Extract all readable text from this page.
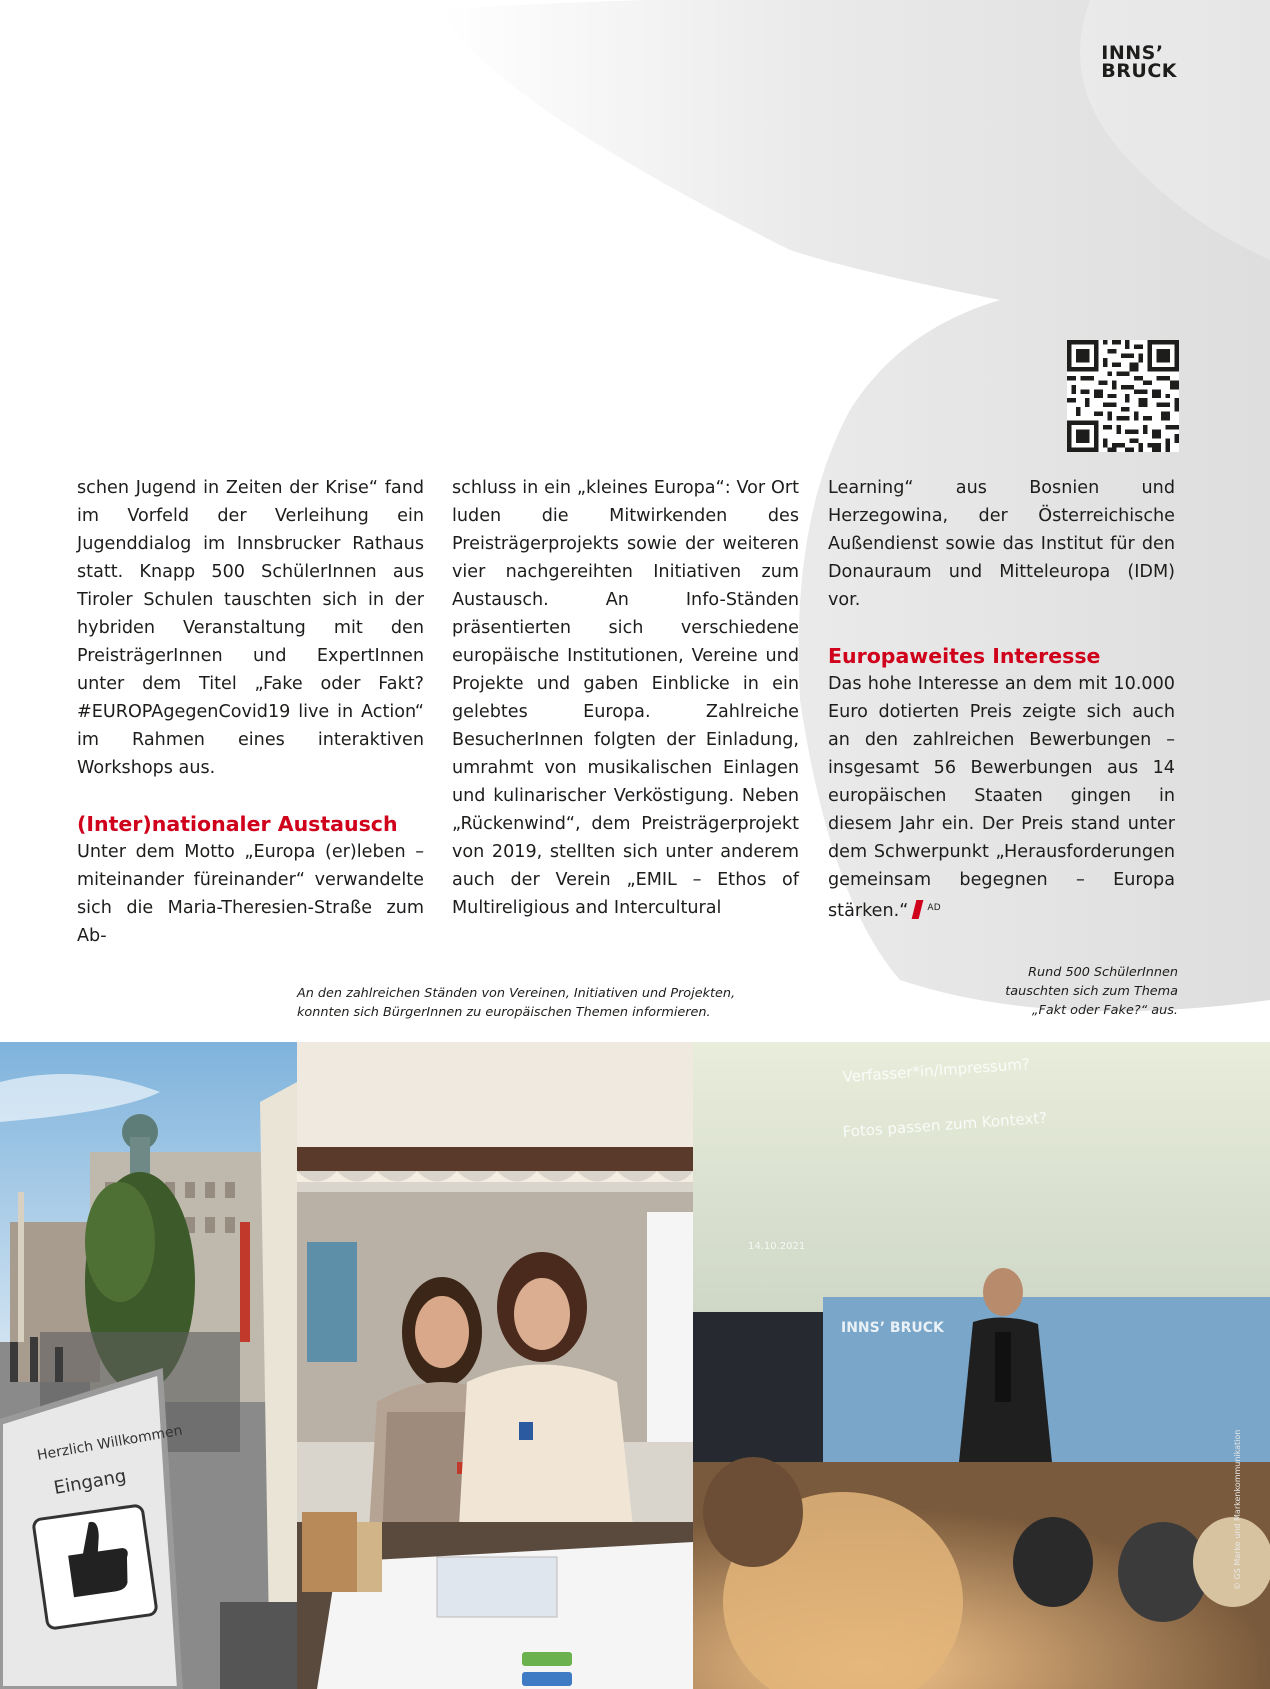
INNS’
BRUCK

schen Jugend in Zeiten der Krise“ fand im Vorfeld der Verleihung ein Jugenddialog im Innsbrucker Rathaus statt. Knapp 500 SchülerInnen aus Tiroler Schulen tauschten sich in der hybriden Veranstaltung mit den PreisträgerInnen und ExpertInnen unter dem Titel „Fake oder Fakt? #EUROPAgegenCovid19 live in Action“ im Rahmen eines interaktiven Workshops aus.

(Inter)nationaler Austausch

Unter dem Motto „Europa (er)leben – miteinander füreinander“ verwandelte sich die Maria-Theresien-Straße zum Ab-

schluss in ein „kleines Europa“: Vor Ort luden die Mitwirkenden des Preisträgerprojekts sowie der weiteren vier nachgereihten Initiativen zum Austausch. An Info-Ständen präsentierten sich verschiedene europäische Institutionen, Vereine und Projekte und gaben Einblicke in ein gelebtes Europa. Zahlreiche BesucherInnen folgten der Einladung, umrahmt von musikalischen Einlagen und kulinarischer Verköstigung. Neben „Rückenwind“, dem Preisträgerprojekt von 2019, stellten sich unter anderem auch der Verein „EMIL – Ethos of Multireligious and Intercultural

Learning“ aus Bosnien und Herzegowina, der Österreichische Außendienst sowie das Institut für den Donauraum und Mitteleuropa (IDM) vor.

Europaweites Interesse

Das hohe Interesse an dem mit 10.000 Euro dotierten Preis zeigte sich auch an den zahlreichen Bewerbungen – insgesamt 56 Bewerbungen aus 14 europäischen Staaten gingen in diesem Jahr ein. Der Preis stand unter dem Schwerpunkt „Herausforderungen gemeinsam begegnen – Europa stärken.“ $^{AD}$

An den zahlreichen Ständen von Vereinen, Initiativen und Projekten,
konnten sich BürgerInnen zu europäischen Themen informieren.
Rund 500 SchülerInnen
tauschten sich zum Thema
„Fakt oder Fake?“ aus.
Herzlich Willkommen
Eingang
Verfasser*in/Impressum?
Fotos passen zum Kontext?
14.10.2021
INNS’ BRUCK
© GS Marke und Markenkommunikation
